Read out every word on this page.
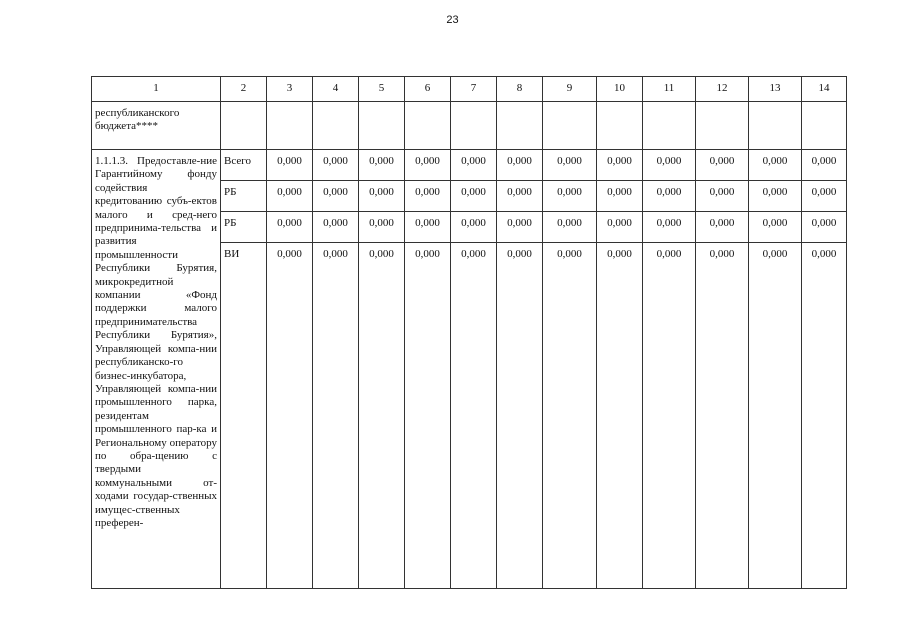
23
1	2	3	4	5	6	7	8	9	10	11	12	13	14
республиканского бюджета****													

1.1.1.3. Предоставле-ние Гарантийному фонду содействия кредитованию субъ-ектов малого и сред-него предпринима-тельства и развития промышленности Республики Бурятия, микрокредитной компании «Фонд поддержки малого предпринимательства Республики Бурятия», Управляющей компа-нии республиканско-го бизнес-инкубатора, Управляющей компа-нии промышленного парка, резидентам промышленного пар-ка и Региональному оператору по обра-щению с твердыми коммунальными от-ходами государ-ственных имущес-ственных преферен-	Всего	0,000	0,000	0,000	0,000	0,000	0,000	0,000	0,000	0,000	0,000	0,000	0,000
	РБ	0,000	0,000	0,000	0,000	0,000	0,000	0,000	0,000	0,000	0,000	0,000	0,000
	РБ	0,000	0,000	0,000	0,000	0,000	0,000	0,000	0,000	0,000	0,000	0,000	0,000
	ВИ	0,000	0,000	0,000	0,000	0,000	0,000	0,000	0,000	0,000	0,000	0,000	0,000
